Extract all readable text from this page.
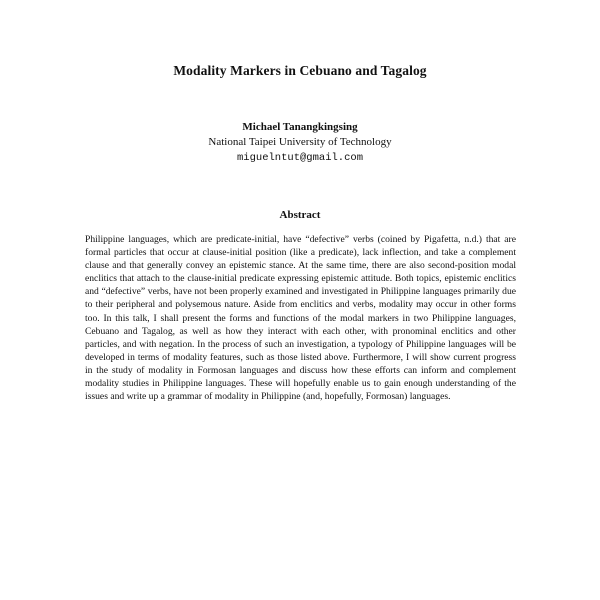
Modality Markers in Cebuano and Tagalog
Michael Tanangkingsing
National Taipei University of Technology
miguelntut@gmail.com
Abstract

Philippine languages, which are predicate-initial, have “defective” verbs (coined by Pigafetta, n.d.) that are formal particles that occur at clause-initial position (like a predicate), lack inflection, and take a complement clause and that generally convey an epistemic stance. At the same time, there are also second-position modal enclitics that attach to the clause-initial predicate expressing epistemic attitude. Both topics, epistemic enclitics and “defective” verbs, have not been properly examined and investigated in Philippine languages primarily due to their peripheral and polysemous nature. Aside from enclitics and verbs, modality may occur in other forms too. In this talk, I shall present the forms and functions of the modal markers in two Philippine languages, Cebuano and Tagalog, as well as how they interact with each other, with pronominal enclitics and other particles, and with negation. In the process of such an investigation, a typology of Philippine languages will be developed in terms of modality features, such as those listed above. Furthermore, I will show current progress in the study of modality in Formosan languages and discuss how these efforts can inform and complement modality studies in Philippine languages. These will hopefully enable us to gain enough understanding of the issues and write up a grammar of modality in Philippine (and, hopefully, Formosan) languages.
